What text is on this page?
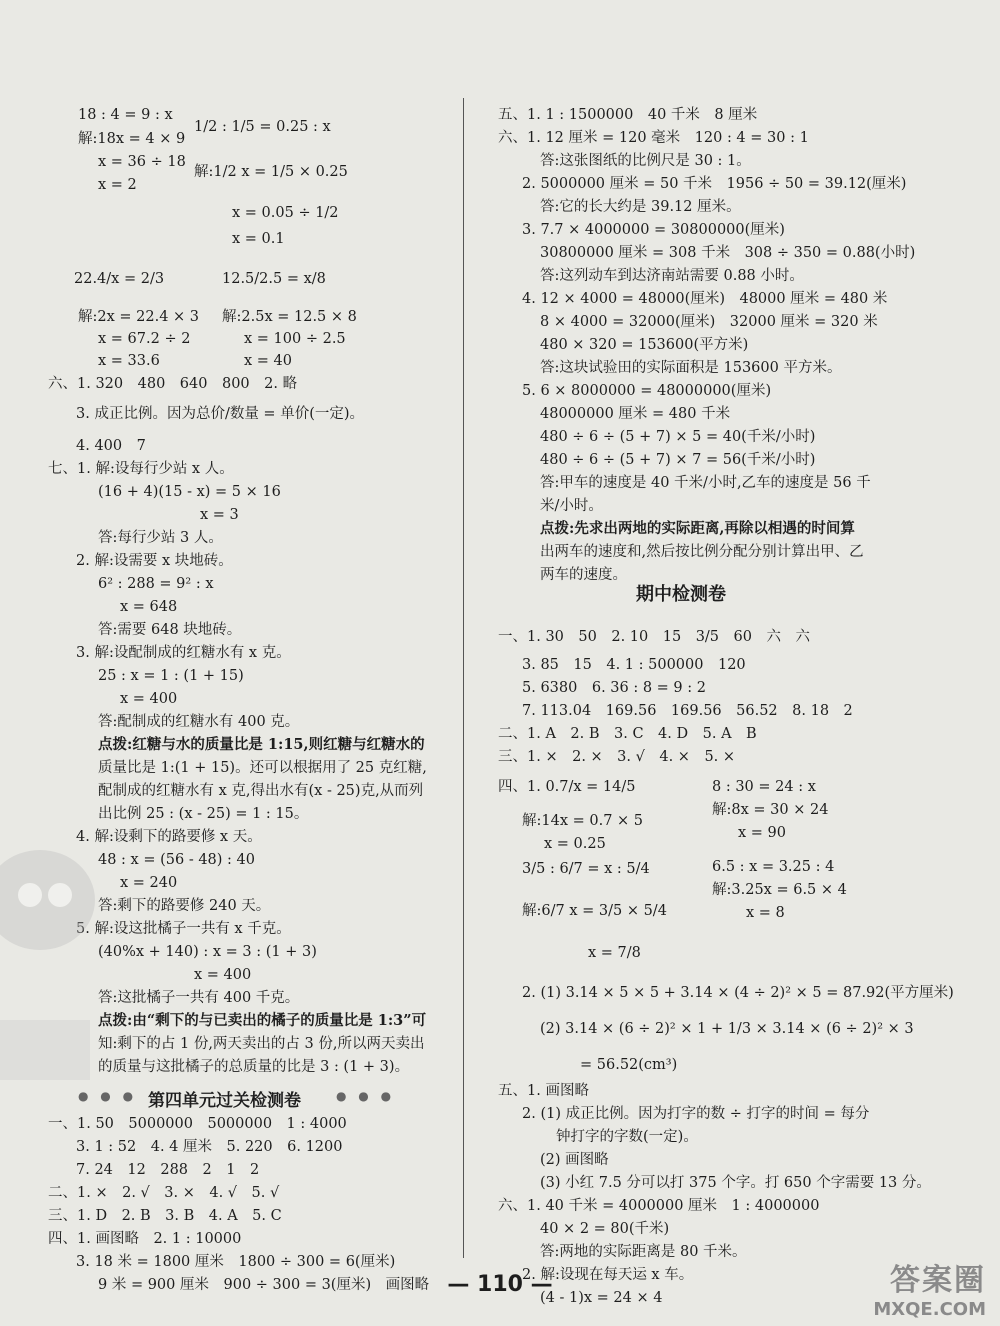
18 : 4 = 9 : x
解:18x = 4 × 9
x = 36 ÷ 18
x = 2
1/2 : 1/5 = 0.25 : x
解:1/2 x = 1/5 × 0.25
x = 0.05 ÷ 1/2
x = 0.1
22.4/x = 2/3	12.5/2.5 = x/8
解:2x = 22.4 × 3
x = 67.2 ÷ 2
x = 33.6
解:2.5x = 12.5 × 8
x = 100 ÷ 2.5
x = 40
六、1. 320　480　640　800　2. 略
3. 成正比例。因为总价/数量 = 单价(一定)。
4. 400　7
七、1. 解:设每行少站 x 人。
(16 + 4)(15 - x) = 5 × 16
x = 3
答:每行少站 3 人。
2. 解:设需要 x 块地砖。
6² : 288 = 9² : x
x = 648
答:需要 648 块地砖。
3. 解:设配制成的红糖水有 x 克。
25 : x = 1 : (1 + 15)
x = 400
答:配制成的红糖水有 400 克。
点拨:红糖与水的质量比是 1:15,则红糖与红糖水的
质量比是 1:(1 + 15)。还可以根据用了 25 克红糖,
配制成的红糖水有 x 克,得出水有(x - 25)克,从而列
出比例 25 : (x - 25) = 1 : 15。
4. 解:设剩下的路要修 x 天。
48 : x = (56 - 48) : 40
x = 240
答:剩下的路要修 240 天。
5. 解:设这批橘子一共有 x 千克。
(40%x + 140) : x = 3 : (1 + 3)
x = 400
答:这批橘子一共有 400 千克。
点拨:由“剩下的与已卖出的橘子的质量比是 1:3”可
知:剩下的占 1 份,两天卖出的占 3 份,所以两天卖出
的质量与这批橘子的总质量的比是 3 : (1 + 3)。
一、1. 50　5000000　5000000　1 : 4000
3. 1 : 52　4. 4 厘米　5. 220　6. 1200
7. 24　12　288　2　1　2
二、1. ×　2. √　3. ×　4. √　5. √
三、1. D　2. B　3. B　4. A　5. C
四、1. 画图略　2. 1 : 10000
3. 18 米 = 1800 厘米　1800 ÷ 300 = 6(厘米)
9 米 = 900 厘米　900 ÷ 300 = 3(厘米)　画图略
五、1. 1 : 1500000　40 千米　8 厘米
六、1. 12 厘米 = 120 毫米　120 : 4 = 30 : 1
答:这张图纸的比例尺是 30 : 1。
2. 5000000 厘米 = 50 千米　1956 ÷ 50 = 39.12(厘米)
答:它的长大约是 39.12 厘米。
3. 7.7 × 4000000 = 30800000(厘米)
30800000 厘米 = 308 千米　308 ÷ 350 = 0.88(小时)
答:这列动车到达济南站需要 0.88 小时。
4. 12 × 4000 = 48000(厘米)　48000 厘米 = 480 米
8 × 4000 = 32000(厘米)　32000 厘米 = 320 米
480 × 320 = 153600(平方米)
答:这块试验田的实际面积是 153600 平方米。
5. 6 × 8000000 = 48000000(厘米)
48000000 厘米 = 480 千米
480 ÷ 6 ÷ (5 + 7) × 5 = 40(千米/小时)
480 ÷ 6 ÷ (5 + 7) × 7 = 56(千米/小时)
答:甲车的速度是 40 千米/小时,乙车的速度是 56 千
米/小时。
点拨:先求出两地的实际距离,再除以相遇的时间算
出两车的速度和,然后按比例分配分别计算出甲、乙
两车的速度。
一、1. 30　50　2. 10　15　3/5　60　六　六
3. 85　15　4. 1 : 500000　120
5. 6380　6. 36 : 8 = 9 : 2
7. 113.04　169.56　169.56　56.52　8. 18　2
二、1. A　2. B　3. C　4. D　5. A　B
三、1. ×　2. ×　3. √　4. ×　5. ×
四、1. 0.7/x = 14/5
解:14x = 0.7 × 5
x = 0.25
8 : 30 = 24 : x
解:8x = 30 × 24
x = 90
3/5 : 6/7 = x : 5/4	6.5 : x = 3.25 : 4
解:3.25x = 6.5 × 4
x = 8
解:6/7 x = 3/5 × 5/4
x = 7/8
2. (1) 3.14 × 5 × 5 + 3.14 × (4 ÷ 2)² × 5 = 87.92(平方厘米)
(2) 3.14 × (6 ÷ 2)² × 1 + 1/3 × 3.14 × (6 ÷ 2)² × 3
= 56.52(cm³)
五、1. 画图略
2. (1) 成正比例。因为打字的数 ÷ 打字的时间 = 每分
钟打字的字数(一定)。
(2) 画图略
(3) 小红 7.5 分可以打 375 个字。打 650 个字需要 13 分。
六、1. 40 千米 = 4000000 厘米　1 : 4000000
40 × 2 = 80(千米)
答:两地的实际距离是 80 千米。
2. 解:设现在每天运 x 车。
(4 - 1)x = 24 × 4
● ● ● 第四单元过关检测卷	● ● ●
期中检测卷
— 110 —	答案圈
MXQE.COM
